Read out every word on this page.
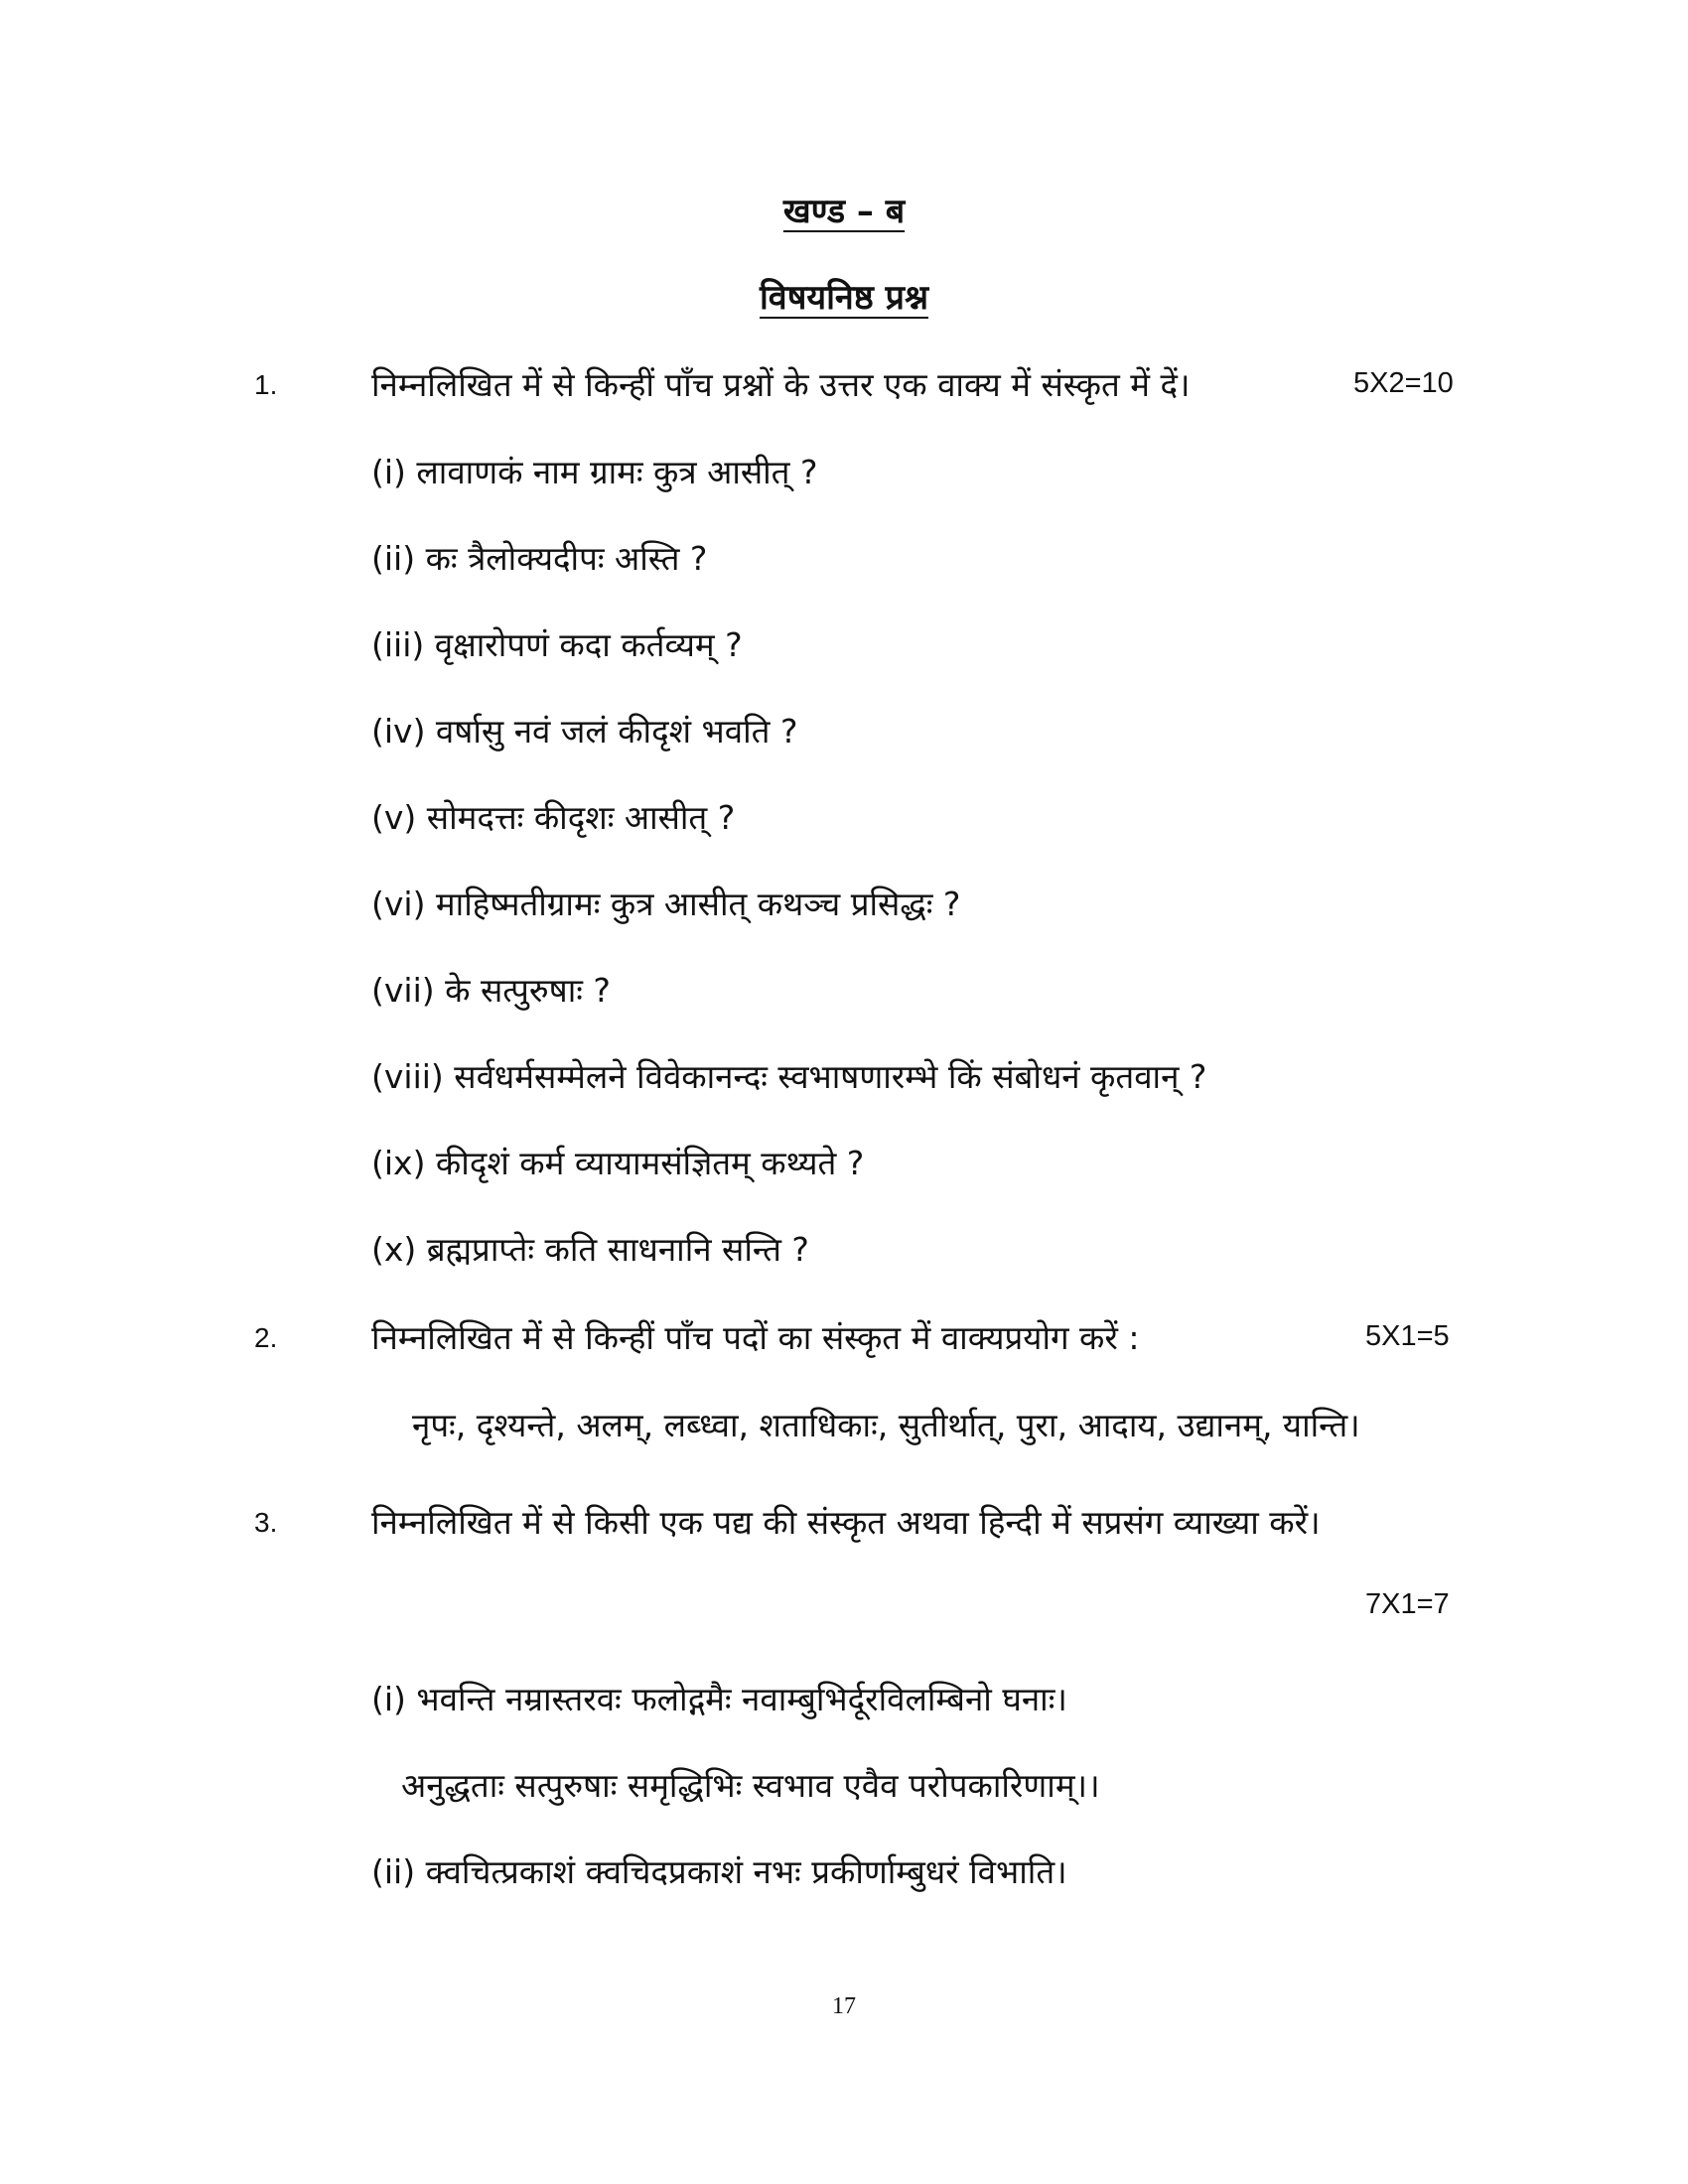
खण्ड – ब
विषयनिष्ठ प्रश्न
1.	निम्नलिखित में से किन्हीं पाँच प्रश्नों के उत्तर एक वाक्य में संस्कृत में दें।	5X2=10
(i) लावाणकं नाम ग्रामः कुत्र आसीत् ?
(ii) कः त्रैलोक्यदीपः अस्ति ?
(iii) वृक्षारोपणं कदा कर्तव्यम् ?
(iv) वर्षासु नवं जलं कीदृशं भवति ?
(v) सोमदत्तः कीदृशः आसीत् ?
(vi) माहिष्मतीग्रामः कुत्र आसीत् कथञ्च प्रसिद्धः ?
(vii) के सत्पुरुषाः ?
(viii) सर्वधर्मसम्मेलने विवेकानन्दः स्वभाषणारम्भे किं संबोधनं कृतवान् ?
(ix) कीदृशं कर्म व्यायामसंज्ञितम् कथ्यते ?
(x) ब्रह्मप्राप्तेः कति साधनानि सन्ति ?
2.	निम्नलिखित में से किन्हीं पाँच पदों का संस्कृत में वाक्यप्रयोग करें :	5X1=5
नृपः, दृश्यन्ते, अलम्, लब्ध्वा, शताधिकाः, सुतीर्थात्, पुरा, आदाय, उद्यानम्, यान्ति।
3.	निम्नलिखित में से किसी एक पद्य की संस्कृत अथवा हिन्दी में सप्रसंग व्याख्या करें।
7X1=7
(i) भवन्ति नम्रास्तरवः फलोद्गमैः नवाम्बुभिर्दूरविलम्बिनो घनाः।
अनुद्धताः सत्पुरुषाः समृद्धिभिः स्वभाव एवैव परोपकारिणाम्।।
(ii) क्वचित्प्रकाशं क्वचिदप्रकाशं नभः प्रकीर्णाम्बुधरं विभाति।
17
